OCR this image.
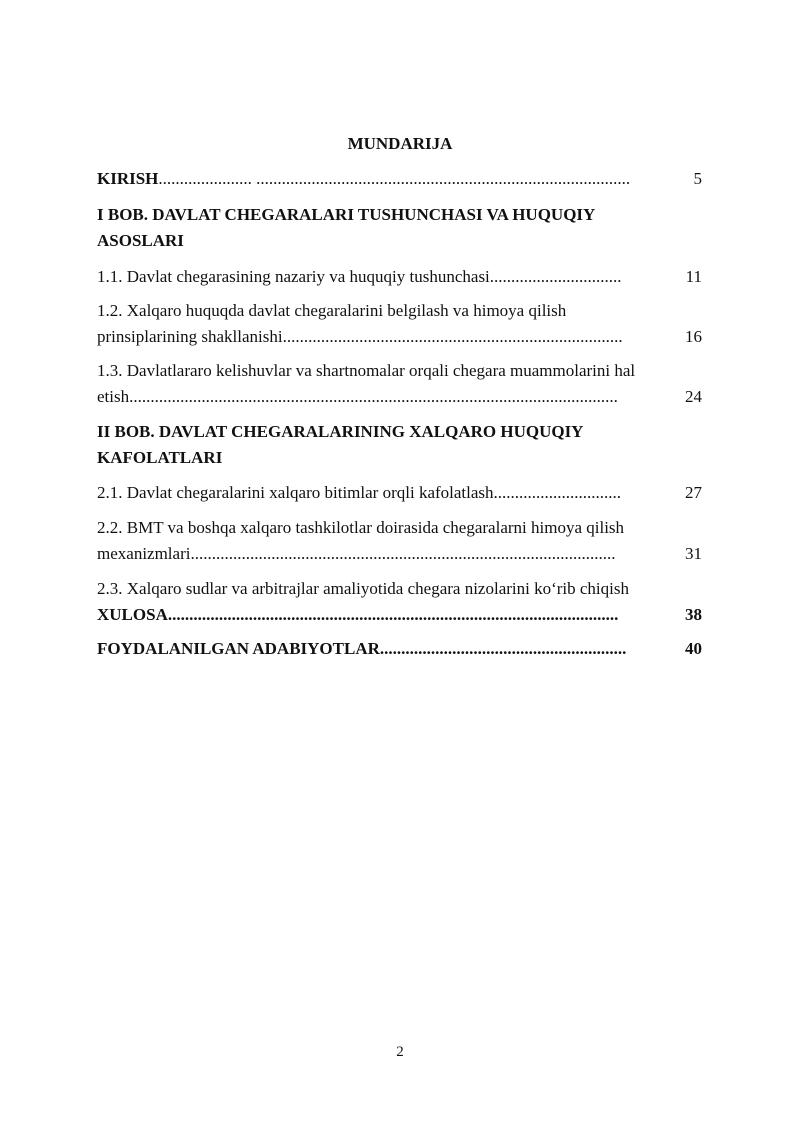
MUNDARIJA
KIRISH ...................... ........................................................................................	5
I BOB. DAVLAT CHEGARALARI TUSHUNCHASI VA HUQUQIY
ASOSLARI
1.1. Davlat chegarasining nazariy va huquqiy tushunchasi ...............................	11
1.2. Xalqaro huquqda davlat chegaralarini belgilash va himoya qilish
prinsiplarining shakllanishi ................................................................................	16
1.3. Davlatlararo kelishuvlar va shartnomalar orqali chegara muammolarini hal
etish ...................................................................................................................	24
II BOB. DAVLAT CHEGARALARINING XALQARO HUQUQIY
KAFOLATLARI
2.1. Davlat chegaralarini xalqaro bitimlar orqli kafolatlash ..............................	27
2.2. BMT va boshqa xalqaro tashkilotlar doirasida chegaralarni himoya qilish
mexanizmlari ....................................................................................................	31
2.3. Xalqaro sudlar va arbitrajlar amaliyotida chegara nizolarini ko‘rib chiqish
XULOSA ..........................................................................................................	38
FOYDALANILGAN ADABIYOTLAR ..........................................................	40
2
